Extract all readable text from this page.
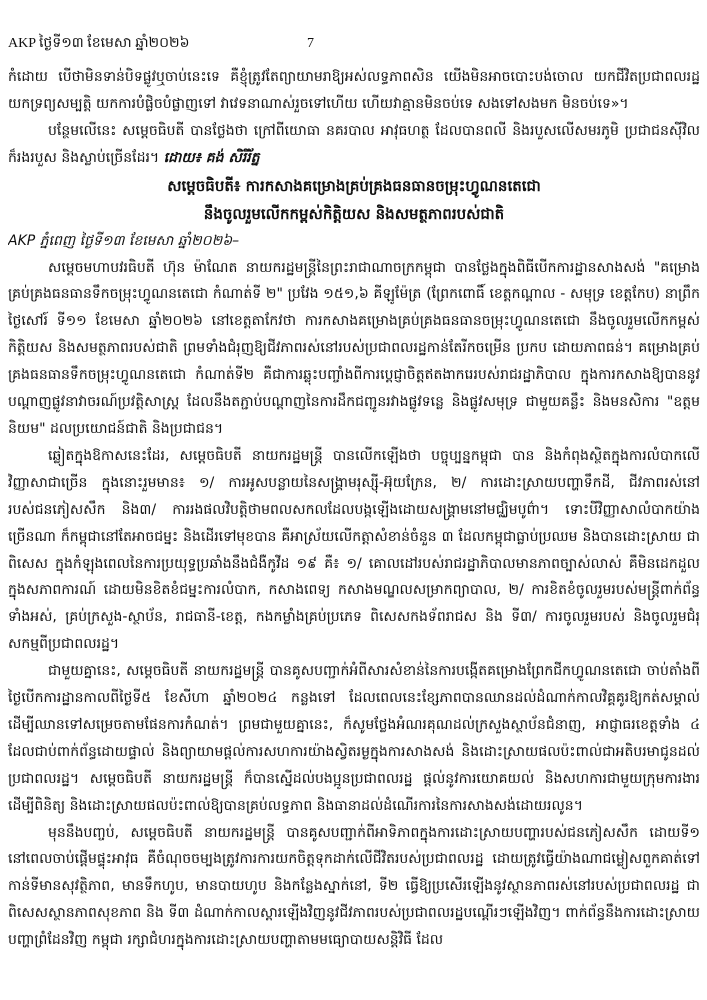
AKP ថ្ងៃទី១៣ ខែមេសា ឆ្នាំ២០២៦	7

កំដោយ បើថាមិនទាន់បិទផ្លូវឬចាប់នេះទេ គឺខ្ញុំត្រូវតែព្យាយាមរាឱ្យអស់លទ្ធភាពសិន យើងមិនអាចបោះបង់ចោល យកជីវិតប្រជាពលរដ្ឋ យកទ្រព្យសម្បត្តិ យកការបំផ្លិចបំផ្លាញទៅ វាវេទនាណាស់រួចទៅហើយ ហើយវាគ្មានមិនចប់ទេ សងទៅសងមក មិនចប់ទេ»។

បន្ថែមលើនេះ សម្ដេចធិបតី បានថ្លែងថា ក្រៅពីយោធា នគរបាល អាវុធហត្ថ ដែលបានពលី និងរបួសលើសមរភូមិ ប្រជាជនស៊ីវិល ក៏រងរបួស និងស្លាប់ច្រើនដែរ។ ដោយ៖ គង់ សិរីរ័ត្ន

សម្ដេចធិបតី៖ ការកសាងគម្រោងគ្រប់គ្រងធនធានចម្រុះហ្វូណនតេជោ

នឹងចូលរួមលើកកម្ពស់កិត្តិយស និងសមត្ថភាពរបស់ជាតិ

AKP ភ្នំពេញ ថ្ងៃទី១៣ ខែមេសា ឆ្នាំ២០២៦–

សម្ដេចមហាបវរធិបតី ហ៊ុន ម៉ាណែត នាយករដ្ឋមន្ត្រីនៃព្រះរាជាណាចក្រកម្ពុជា បានថ្លែងក្នុងពិធីបើកការដ្ឋានសាងសង់ "គម្រោងគ្រប់គ្រងធនធានទឹកចម្រុះហ្វូណនតេជោ កំណាត់ទី ២" ប្រវែង ១៥១,៦ គីឡូម៉ែត្រ (ព្រែកពោធិ៍ ខេត្តកណ្ដាល - សមុទ្រ ខេត្តកែប) នាព្រឹកថ្ងៃសៅរ៍ ទី១១ ខែមេសា ឆ្នាំ២០២៦ នៅខេត្តតាកែវថា ការកសាងគម្រោងគ្រប់គ្រងធនធានចម្រុះហ្វូណនតេជោ នឹងចូលរួមលើកកម្ពស់កិត្តិយស និងសមត្ថភាពរបស់ជាតិ ព្រមទាំងជំរុញឱ្យជីវភាពរស់នៅរបស់ប្រជាពលរដ្ឋកាន់តែរីកចម្រើន ប្រកប ដោយភាពធន់។ គម្រោងគ្រប់គ្រងធនធានទឹកចម្រុះហ្វូណនតេជោ កំណាត់ទី២ គឺជាការឆ្លុះបញ្ចាំងពីការប្ដេជ្ញាចិត្តឥតងាករេរបស់រាជរដ្ឋាភិបាល ក្នុងការកសាងឱ្យបាននូវបណ្ដាញផ្លូវនាវាចរណ៍ប្រវត្តិសាស្ត្រ ដែលនឹងតភ្ជាប់បណ្ដាញនៃការដឹកជញ្ជូនរវាងផ្លូវទន្លេ និងផ្លូវសមុទ្រ ជាមួយគន្លឹះ និងមនសិការ "ឧត្ដមនិយម" ដលប្រយោជន៍ជាតិ និងប្រជាជន។

ឆ្លៀតក្នុងឱកាសនេះដែរ, សម្ដេចធិបតី នាយករដ្ឋមន្ត្រី បានលើកឡើងថា បច្ចុប្បន្នកម្ពុជា បាន និងកំពុងស្ថិតក្នុងការលំបាកលើវិញ្ញាសាជាច្រើន ក្នុងនោះរួមមាន៖ ១/ ការអូសបន្លាយនៃសង្គ្រាមរុស្ស៊ី-អ៊ុយក្រែន, ២/ ការដោះស្រាយបញ្ហាទឹកដី, ជីវភាពរស់នៅរបស់ជនភៀសសឹក និង៣/ ការរងផលវិបត្តិថាមពលសកលដែលបង្កឡើងដោយសង្គ្រាមនៅមជ្ឈិមបូព៌ា។ ទោះបីវិញ្ញាសាលំបាកយ៉ាងច្រើនណា ក៏កម្ពុជានៅតែអាចជម្នះ និងដើរទៅមុខបាន គឺអាស្រ័យលើកត្តាសំខាន់ចំនួន ៣ ដែលកម្ពុជាធ្លាប់ប្រឈម និងបានដោះស្រាយ ជាពិសេស ក្នុងកំឡុងពេលនៃការប្រយុទ្ធប្រឆាំងនឹងជំងឺកូវីដ ១៩ គឺ៖ ១/ គោលដៅរបស់រាជរដ្ឋាភិបាលមានភាពច្បាស់លាស់ គឺមិនដេកដួលក្នុងសភាពការណ៍ ដោយមិនខិតខំជម្នះការលំបាក, កសាងពេទ្យ កសាងមណ្ឌលសម្រាកព្យាបាល, ២/ ការខិតខំចូលរួមរបស់មន្ត្រីពាក់ព័ន្ធទាំងអស់, គ្រប់ក្រសួង-ស្ថាប័ន, រាជធានី-ខេត្ត, កងកម្លាំងគ្រប់ប្រភេទ ពិសេសកងទ័ពរាជស និង ទី៣/ ការចូលរួមរបស់ និងចូលរួមជំរុសកម្មពីប្រជាពលរដ្ឋ។

ជាមួយគ្នានេះ, សម្ដេចធិបតី នាយករដ្ឋមន្ត្រី បានគូសបញ្ជាក់អំពីសារសំខាន់នៃការបង្កើតគម្រោងព្រែកជីកហ្វូណនតេជោ ចាប់តាំងពីថ្ងៃបើកការដ្ឋានកាលពីថ្ងៃទី៥ ខែសីហា ឆ្នាំ២០២៤ កន្លងទៅ ដែលពេលនេះខ្សែភាពបានឈានដល់ដំណាក់កាលវិគ្គគូរឱ្យកត់សម្គាល់ ដើម្បីឈានទៅសម្រេចតាមផែនការកំណត់។ ព្រមជាមួយគ្នានេះ, ក៏សូមថ្លែងអំណរគុណដល់ក្រសួងស្ថាប័នជំនាញ, អាជ្ញាធរខេត្តទាំង ៤ ដែលជាប់ពាក់ព័ន្ធដោយផ្ទាល់ និងព្យាយាមផ្ដល់ការសហការយ៉ាងស្វិតរម្ងក្នុងការសាងសង់ និងដោះស្រាយផលប៉ះពាល់ជាអតិបរមាជូនដល់ប្រជាពលរដ្ឋ។ សម្ដេចធិបតី នាយករដ្ឋមន្ត្រី ក៏បានស្នើដល់បងប្អូនប្រជាពលរដ្ឋ ផ្ដល់នូវការយោគយល់ និងសហការជាមួយក្រុមការងារ ដើម្បីពិនិត្យ និងដោះស្រាយផលប៉ះពាល់ឱ្យបានគ្រប់លទ្ធភាព និងធានាដល់ដំណើរការនៃការសាងសង់ដោយរលូន។

មុននឹងបញ្ចប់, សម្ដេចធិបតី នាយករដ្ឋមន្ត្រី បានគូសបញ្ជាក់ពីអាទិភាពក្នុងការដោះស្រាយបញ្ហារបស់ជនភៀសសឹក ដោយទី១ នៅពេលចាប់ផ្ដើមផ្ទុះអាវុធ គឺចំណុចចម្បងត្រូវការការយកចិត្តទុកដាក់លើជីវិតរបស់ប្រជាពលរដ្ឋ ដោយត្រូវធ្វើយ៉ាងណាជម្លៀសពួកគាត់ទៅកាន់ទីមានសុវត្ថិភាព, មានទឹកហូប, មានបាយហូប និងកន្លែងស្នាក់នៅ, ទី២ ធ្វើឱ្យប្រសើរឡើងនូវស្ថានភាពរស់នៅរបស់ប្រជាពលរដ្ឋ ជាពិសេសស្ថានភាពសុខភាព និង ទី៣ ដំណាក់កាលស្ដារឡើងវិញនូវជីវភាពរបស់ប្រជាពលរដ្ឋបណ្ដើរៗឡើងវិញ។ ពាក់ព័ន្ធនឹងការដោះស្រាយបញ្ហាព្រំដែនវិញ កម្ពុជា រក្សាជំហរក្នុងការដោះស្រាយបញ្ហាតាមមធ្យោបាយសន្តិវិធី ដែល
